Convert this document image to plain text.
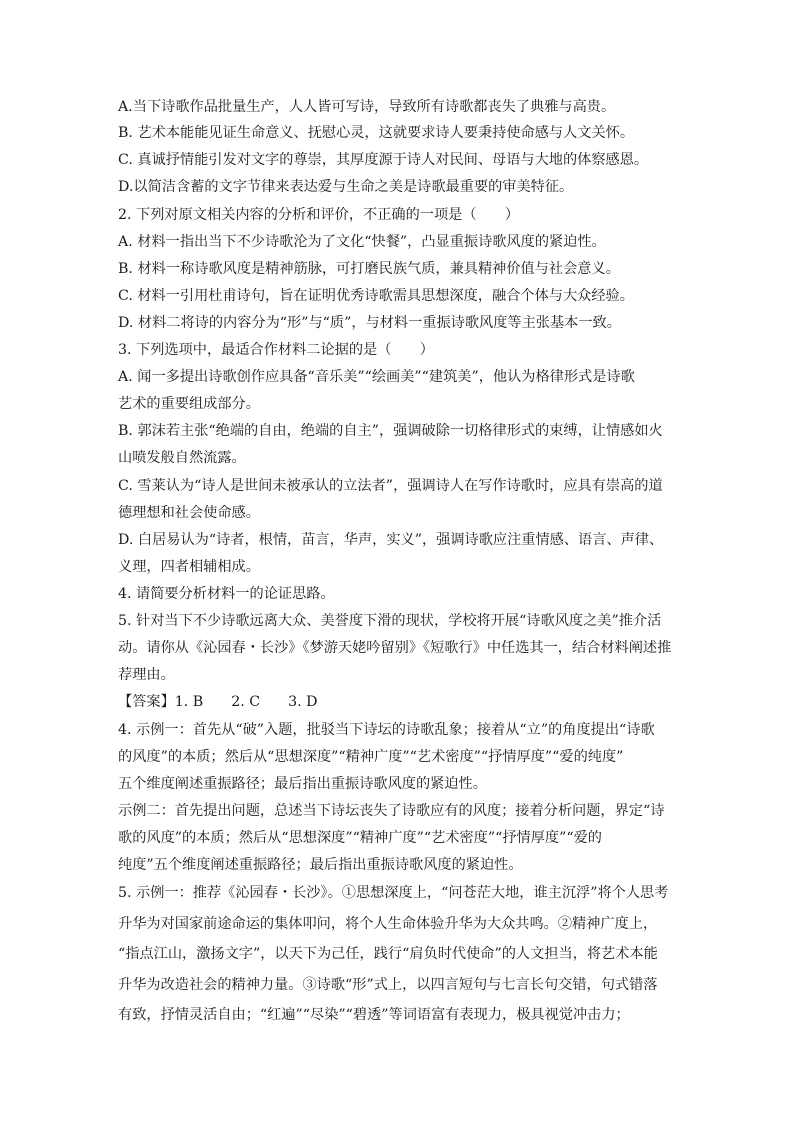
A.当下诗歌作品批量生产，人人皆可写诗，导致所有诗歌都丧失了典雅与高贵。
B. 艺术本能能见证生命意义、抚慰心灵，这就要求诗人要秉持使命感与人文关怀。
C. 真诚抒情能引发对文字的尊崇，其厚度源于诗人对民间、母语与大地的体察感恩。
D.以简洁含蓄的文字节律来表达爱与生命之美是诗歌最重要的审美特征。
2. 下列对原文相关内容的分析和评价，不正确的一项是（　　）
A. 材料一指出当下不少诗歌沦为了文化“快餐”，凸显重振诗歌风度的紧迫性。
B. 材料一称诗歌风度是精神筋脉，可打磨民族气质，兼具精神价值与社会意义。
C. 材料一引用杜甫诗句，旨在证明优秀诗歌需具思想深度，融合个体与大众经验。
D. 材料二将诗的内容分为“形”与“质”，与材料一重振诗歌风度等主张基本一致。
3. 下列选项中，最适合作材料二论据的是（　　）
A. 闻一多提出诗歌创作应具备“音乐美”“绘画美”“建筑美”，他认为格律形式是诗歌
艺术的重要组成部分。
B. 郭沫若主张“绝端的自由，绝端的自主”，强调破除一切格律形式的束缚，让情感如火
山喷发般自然流露。
C. 雪莱认为“诗人是世间未被承认的立法者”，强调诗人在写作诗歌时，应具有崇高的道
德理想和社会使命感。
D. 白居易认为“诗者，根情，苗言，华声，实义”，强调诗歌应注重情感、语言、声律、
义理，四者相辅相成。
4. 请简要分析材料一的论证思路。
5. 针对当下不少诗歌远离大众、美誉度下滑的现状，学校将开展“诗歌风度之美”推介活
动。请你从《沁园春・长沙》《梦游天姥吟留别》《短歌行》中任选其一，结合材料阐述推
荐理由。
【答案】1. B 2. C 3. D
4. 示例一：首先从“破”入题，批驳当下诗坛的诗歌乱象；接着从“立”的角度提出“诗歌
的风度”的本质；然后从“思想深度”“精神广度”“艺术密度”“抒情厚度”“爱的纯度”
五个维度阐述重振路径；最后指出重振诗歌风度的紧迫性。
示例二：首先提出问题，总述当下诗坛丧失了诗歌应有的风度；接着分析问题，界定“诗
歌的风度”的本质；然后从“思想深度”“精神广度”“艺术密度”“抒情厚度”“爱的
纯度”五个维度阐述重振路径；最后指出重振诗歌风度的紧迫性。
5. 示例一：推荐《沁园春・长沙》。①思想深度上，“问苍茫大地，谁主沉浮”将个人思考
升华为对国家前途命运的集体叩问，将个人生命体验升华为大众共鸣。②精神广度上，
“指点江山，激扬文字”，以天下为己任，践行“肩负时代使命”的人文担当，将艺术本能
升华为改造社会的精神力量。③诗歌“形”式上，以四言短句与七言长句交错，句式错落
有致，抒情灵活自由；“红遍”“尽染”“碧透”等词语富有表现力，极具视觉冲击力；
